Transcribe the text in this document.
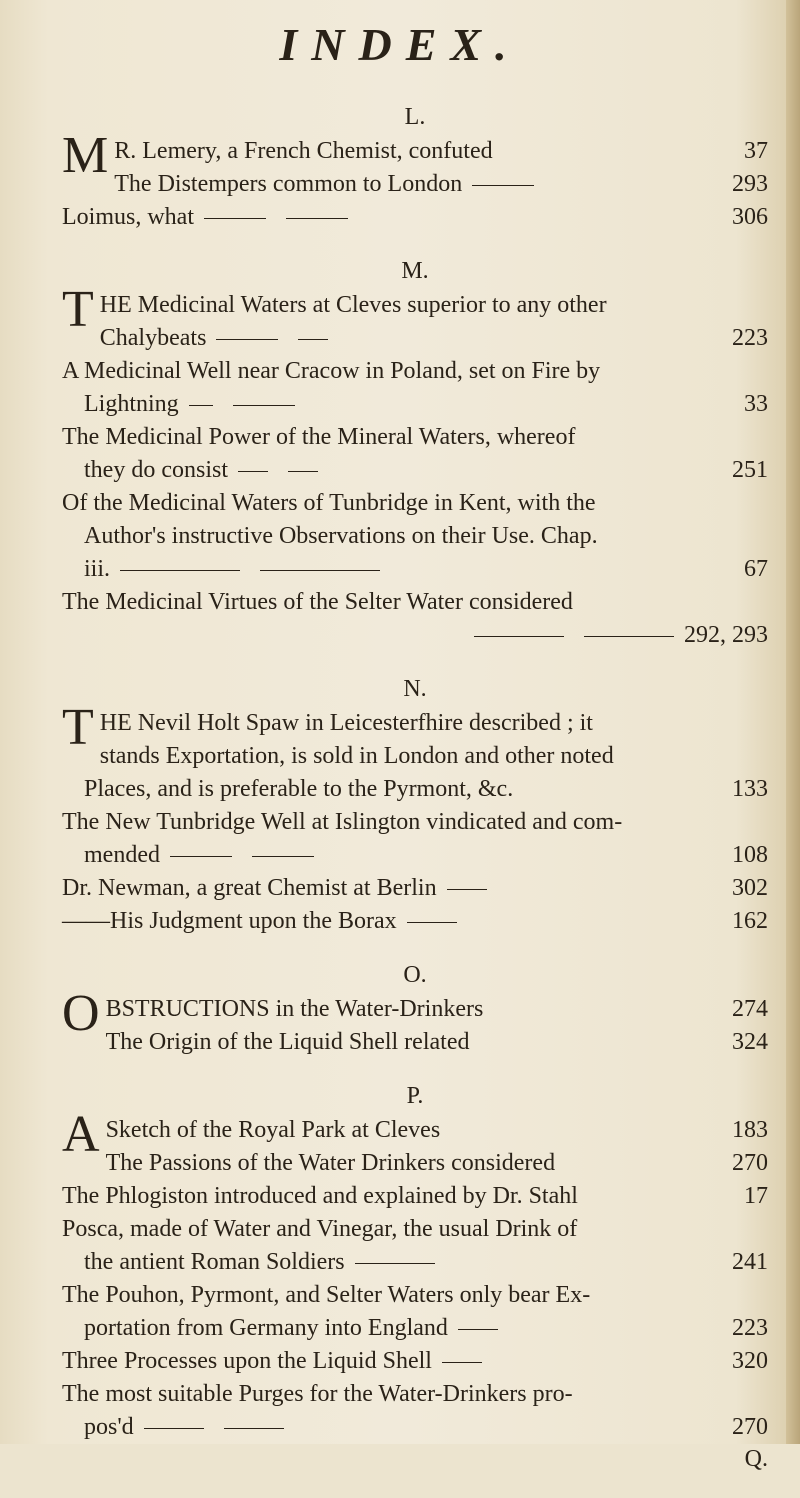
INDEX.
L.
M R. Lemery, a French Chemist, confuted	37
The Distempers common to London	293
Loimus, what	306
M.
T HE Medicinal Waters at Cleves superior to any other
Chalybeats	223
A Medicinal Well near Cracow in Poland, set on Fire by
Lightning	33
The Medicinal Power of the Mineral Waters, whereof
they do consist	251
Of the Medicinal Waters of Tunbridge in Kent, with the
Author's instructive Observations on their Use. Chap.
iii.	67
The Medicinal Virtues of the Selter Water considered
292, 293
N.
T HE Nevil Holt Spaw in Leicesterfhire described ; it
stands Exportation, is sold in London and other noted
Places, and is preferable to the Pyrmont, &c.	133
The New Tunbridge Well at Islington vindicated and com-
mended	108
Dr. Newman, a great Chemist at Berlin	302
——His Judgment upon the Borax	162
O.
O BSTRUCTIONS in the Water-Drinkers	274
The Origin of the Liquid Shell related	324
P.
A Sketch of the Royal Park at Cleves	183
The Passions of the Water Drinkers considered	270
The Phlogiston introduced and explained by Dr. Stahl	17
Posca, made of Water and Vinegar, the usual Drink of
the antient Roman Soldiers	241
The Pouhon, Pyrmont, and Selter Waters only bear Ex-
portation from Germany into England	223
Three Processes upon the Liquid Shell	320
The most suitable Purges for the Water-Drinkers pro-
pos'd	270
Q.
